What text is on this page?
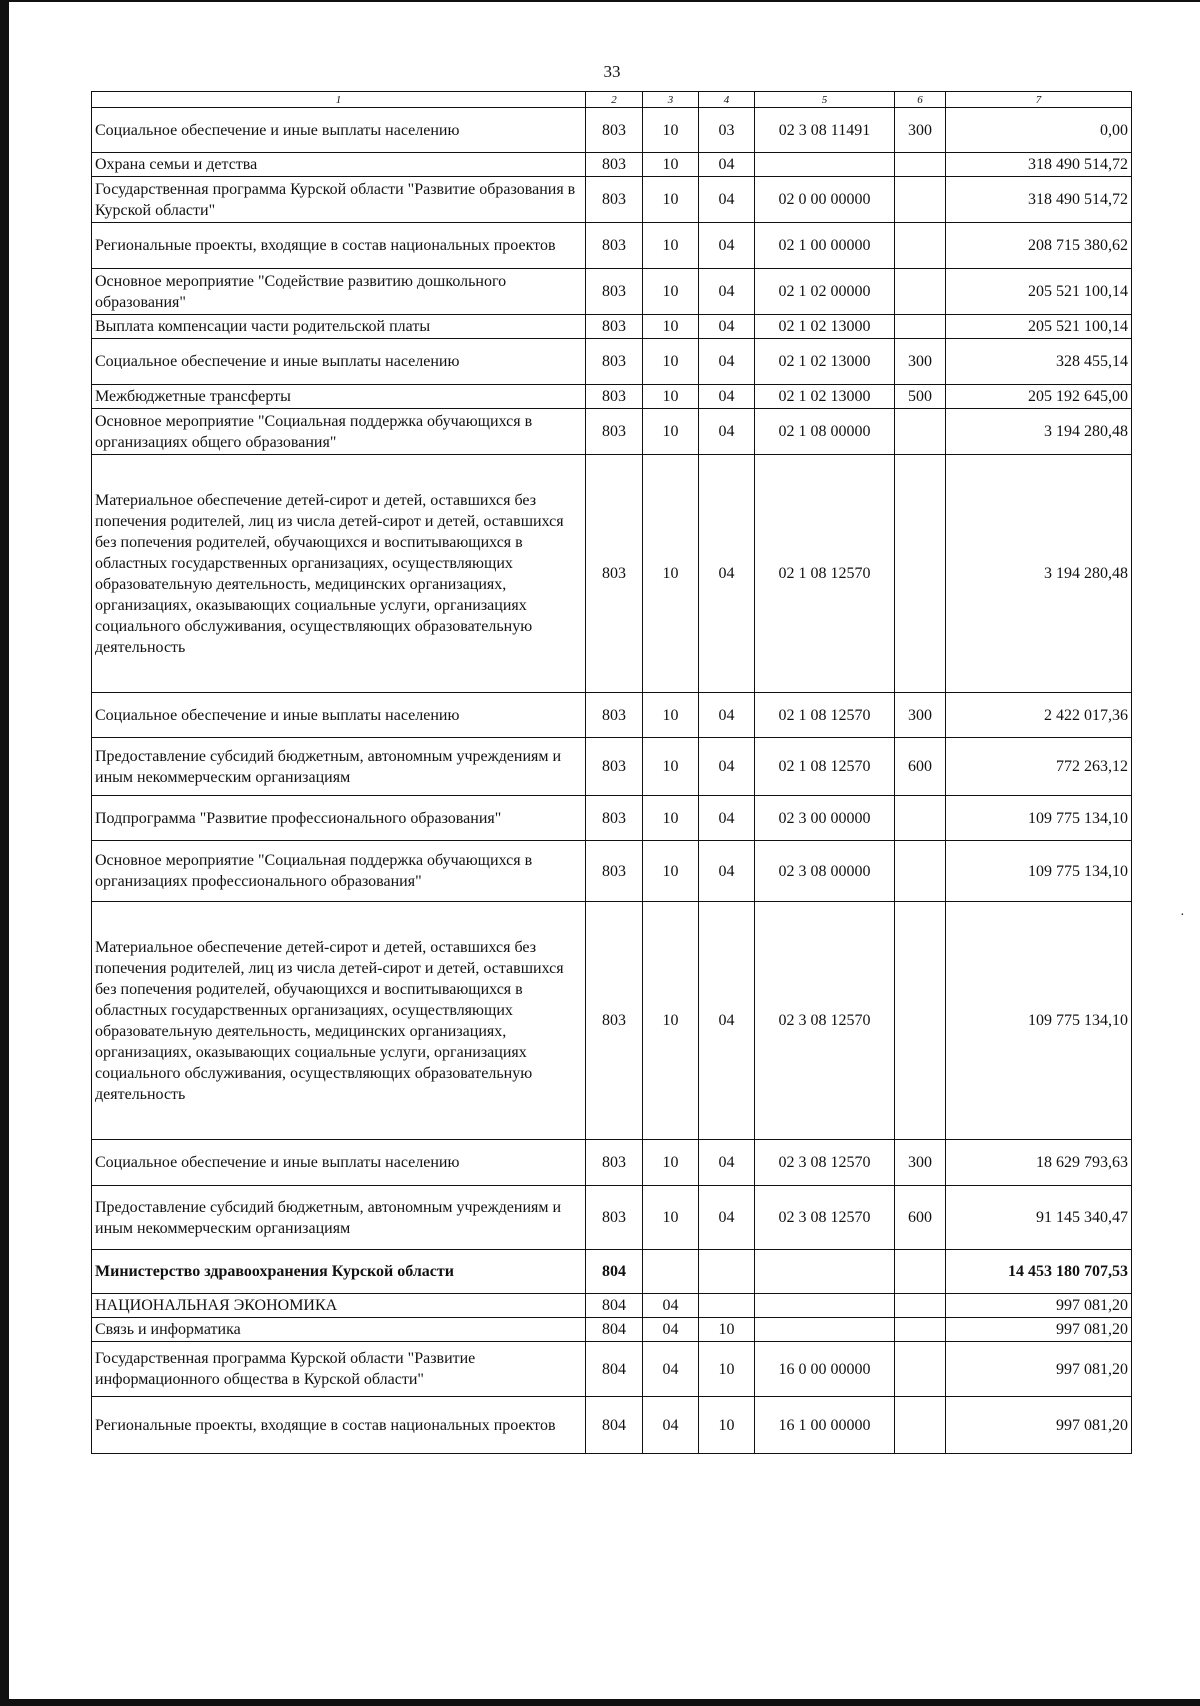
33
1	2	3	4	5	6	7
Социальное обеспечение и иные выплаты населению	803	10	03	02 3 08 11491	300	0,00
Охрана семьи и детства	803	10	04			318 490 514,72
Государственная программа Курской области "Развитие образования в Курской области"	803	10	04	02 0 00 00000		318 490 514,72
Региональные проекты, входящие в состав национальных проектов	803	10	04	02 1 00 00000		208 715 380,62
Основное мероприятие "Содействие развитию дошкольного образования"	803	10	04	02 1 02 00000		205 521 100,14
Выплата компенсации части родительской платы	803	10	04	02 1 02 13000		205 521 100,14
Социальное обеспечение и иные выплаты населению	803	10	04	02 1 02 13000	300	328 455,14
Межбюджетные трансферты	803	10	04	02 1 02 13000	500	205 192 645,00
Основное мероприятие "Социальная поддержка обучающихся в организациях общего образования"	803	10	04	02 1 08 00000		3 194 280,48
Материальное обеспечение детей-сирот и детей, оставшихся без попечения родителей, лиц из числа детей-сирот и детей, оставшихся без попечения родителей, обучающихся и воспитывающихся в областных государственных организациях, осуществляющих образовательную деятельность, медицинских организациях, организациях, оказывающих социальные услуги, организациях социального обслуживания, осуществляющих образовательную деятельность	803	10	04	02 1 08 12570		3 194 280,48
Социальное обеспечение и иные выплаты населению	803	10	04	02 1 08 12570	300	2 422 017,36
Предоставление субсидий бюджетным, автономным учреждениям и иным некоммерческим организациям	803	10	04	02 1 08 12570	600	772 263,12
Подпрограмма "Развитие профессионального образования"	803	10	04	02 3 00 00000		109 775 134,10
Основное мероприятие "Социальная поддержка обучающихся в организациях профессионального образования"	803	10	04	02 3 08 00000		109 775 134,10
Материальное обеспечение детей-сирот и детей, оставшихся без попечения родителей, лиц из числа детей-сирот и детей, оставшихся без попечения родителей, обучающихся и воспитывающихся в областных государственных организациях, осуществляющих образовательную деятельность, медицинских организациях, организациях, оказывающих социальные услуги, организациях социального обслуживания, осуществляющих образовательную деятельность	803	10	04	02 3 08 12570		109 775 134,10
Социальное обеспечение и иные выплаты населению	803	10	04	02 3 08 12570	300	18 629 793,63
Предоставление субсидий бюджетным, автономным учреждениям и иным некоммерческим организациям	803	10	04	02 3 08 12570	600	91 145 340,47
Министерство здравоохранения Курской области	804					14 453 180 707,53
НАЦИОНАЛЬНАЯ ЭКОНОМИКА	804	04				997 081,20
Связь и информатика	804	04	10			997 081,20
Государственная программа Курской области "Развитие информационного общества в Курской области"	804	04	10	16 0 00 00000		997 081,20
Региональные проекты, входящие в состав национальных проектов	804	04	10	16 1 00 00000		997 081,20
·
